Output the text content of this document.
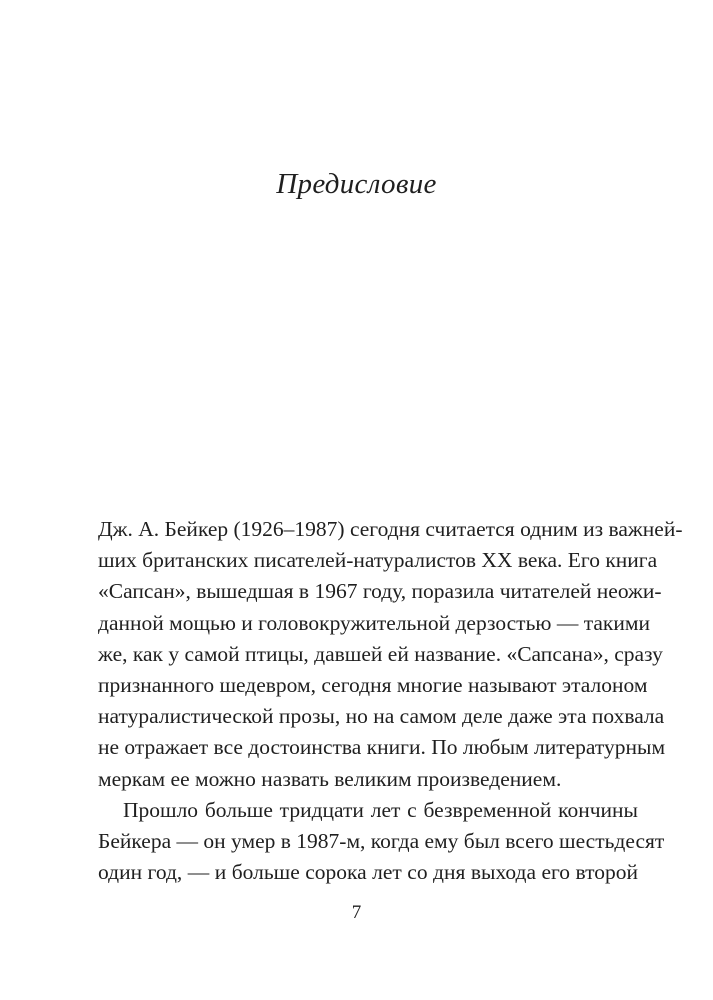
Предисловие
Дж. А. Бейкер (1926–1987) сегодня считается одним из важней-
ших британских писателей-натуралистов XX века. Его книга
«Сапсан», вышедшая в 1967 году, поразила читателей неожи-
данной мощью и головокружительной дерзостью — такими
же, как у самой птицы, давшей ей название. «Сапсана», сразу
признанного шедевром, сегодня многие называют эталоном
натуралистической прозы, но на самом деле даже эта похвала
не отражает все достоинства книги. По любым литературным
меркам ее можно назвать великим произведением.
Прошло больше тридцати лет с безвременной кончины
Бейкера — он умер в 1987-м, когда ему был всего шестьдесят
один год, — и больше сорока лет со дня выхода его второй
7
